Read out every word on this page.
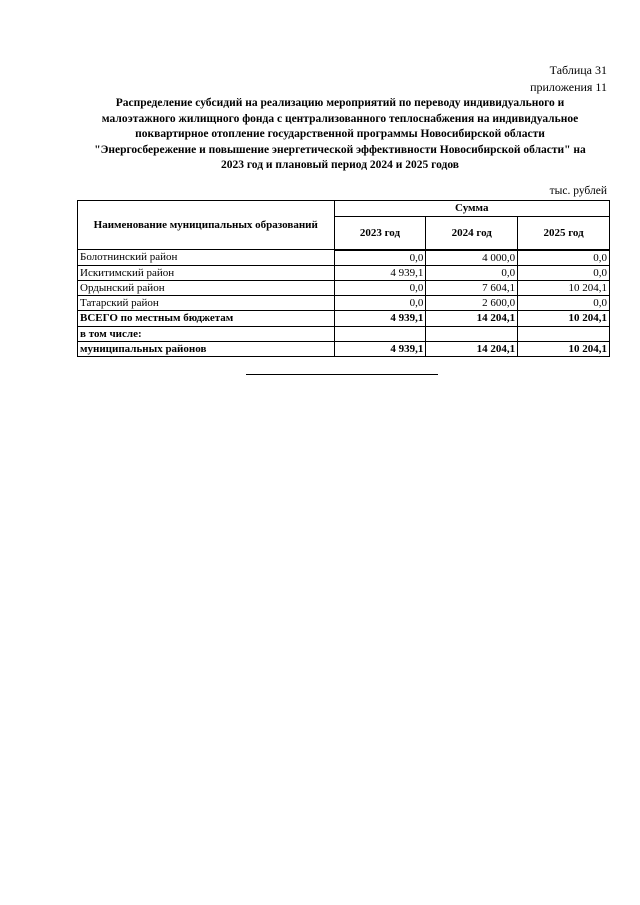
Таблица 31
приложения 11
Распределение субсидий на реализацию мероприятий по переводу индивидуального и
малоэтажного жилищного фонда с централизованного теплоснабжения на индивидуальное
поквартирное отопление государственной программы Новосибирской области
"Энергосбережение и повышение энергетической эффективности Новосибирской области" на
2023 год и плановый период 2024 и 2025 годов
тыс. рублей
Наименование муниципальных образований	Сумма		
	2023 год	2024 год	2025 год
Болотнинский район	0,0	4 000,0	0,0
Искитимский район	4 939,1	0,0	0,0
Ордынский район	0,0	7 604,1	10 204,1
Татарский район	0,0	2 600,0	0,0
ВСЕГО по местным бюджетам	4 939,1	14 204,1	10 204,1
в том числе:			
муниципальных районов	4 939,1	14 204,1	10 204,1
